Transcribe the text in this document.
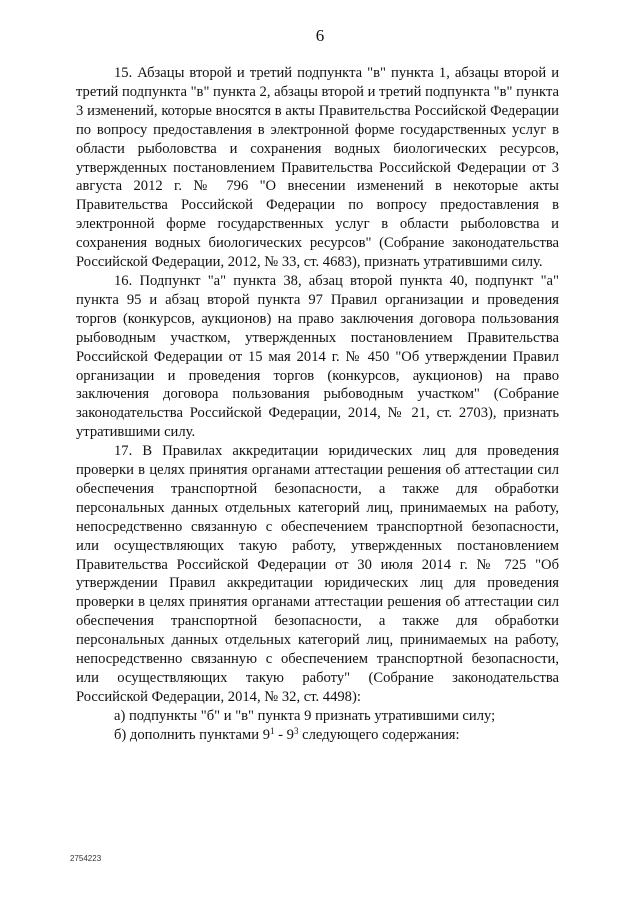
6

15. Абзацы второй и третий подпункта "в" пункта 1, абзацы второй и третий подпункта "в" пункта 2, абзацы второй и третий подпункта "в" пункта 3 изменений, которые вносятся в акты Правительства Российской Федерации по вопросу предоставления в электронной форме государственных услуг в области рыболовства и сохранения водных биологических ресурсов, утвержденных постановлением Правительства Российской Федерации от 3 августа 2012 г. № 796 "О внесении изменений в некоторые акты Правительства Российской Федерации по вопросу предоставления в электронной форме государственных услуг в области рыболовства и сохранения водных биологических ресурсов" (Собрание законодательства Российской Федерации, 2012, № 33, ст. 4683), признать утратившими силу.

16. Подпункт "а" пункта 38, абзац второй пункта 40, подпункт "а" пункта 95 и абзац второй пункта 97 Правил организации и проведения торгов (конкурсов, аукционов) на право заключения договора пользования рыбоводным участком, утвержденных постановлением Правительства Российской Федерации от 15 мая 2014 г. № 450 "Об утверждении Правил организации и проведения торгов (конкурсов, аукционов) на право заключения договора пользования рыбоводным участком" (Собрание законодательства Российской Федерации, 2014, № 21, ст. 2703), признать утратившими силу.

17. В Правилах аккредитации юридических лиц для проведения проверки в целях принятия органами аттестации решения об аттестации сил обеспечения транспортной безопасности, а также для обработки персональных данных отдельных категорий лиц, принимаемых на работу, непосредственно связанную с обеспечением транспортной безопасности, или осуществляющих такую работу, утвержденных постановлением Правительства Российской Федерации от 30 июля 2014 г. № 725 "Об утверждении Правил аккредитации юридических лиц для проведения проверки в целях принятия органами аттестации решения об аттестации сил обеспечения транспортной безопасности, а также для обработки персональных данных отдельных категорий лиц, принимаемых на работу, непосредственно связанную с обеспечением транспортной безопасности, или осуществляющих такую работу" (Собрание законодательства Российской Федерации, 2014, № 32, ст. 4498):

а) подпункты "б" и "в" пункта 9 признать утратившими силу;

б) дополнить пунктами $9^1 - 9^3$ следующего содержания:

2754223
